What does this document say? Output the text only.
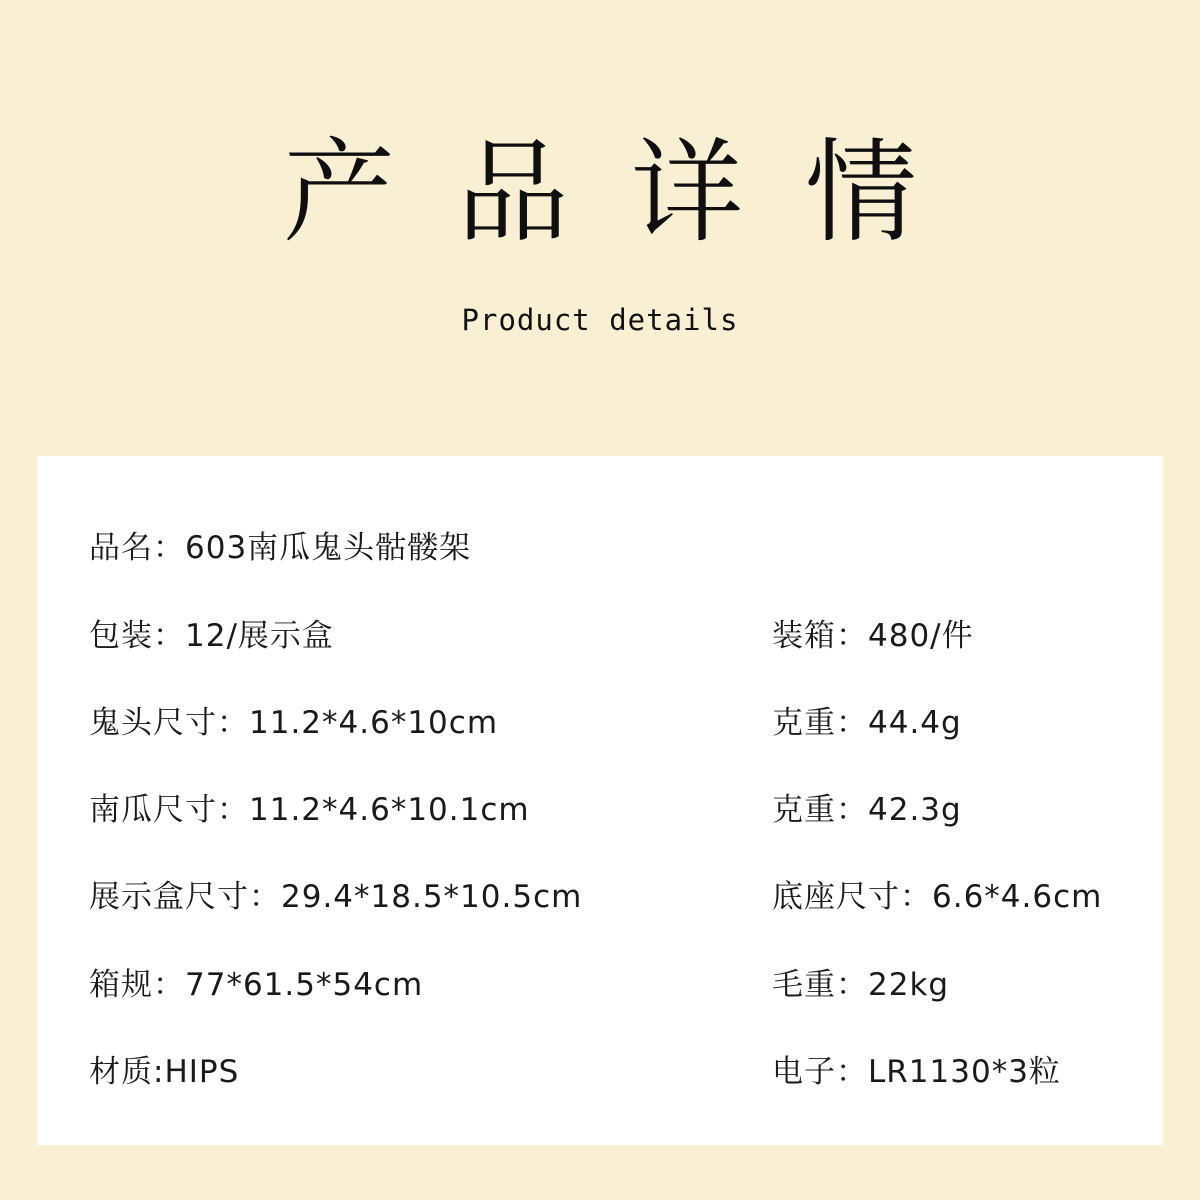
产品详情
Product details
品名：603南瓜鬼头骷髅架
包装：12/展示盒	装箱：480/件
鬼头尺寸：11.2*4.6*10cm	克重：44.4g
南瓜尺寸：11.2*4.6*10.1cm	克重：42.3g
展示盒尺寸：29.4*18.5*10.5cm	底座尺寸：6.6*4.6cm
箱规：77*61.5*54cm	毛重：22kg
材质:HIPS	电子：LR1130*3粒
